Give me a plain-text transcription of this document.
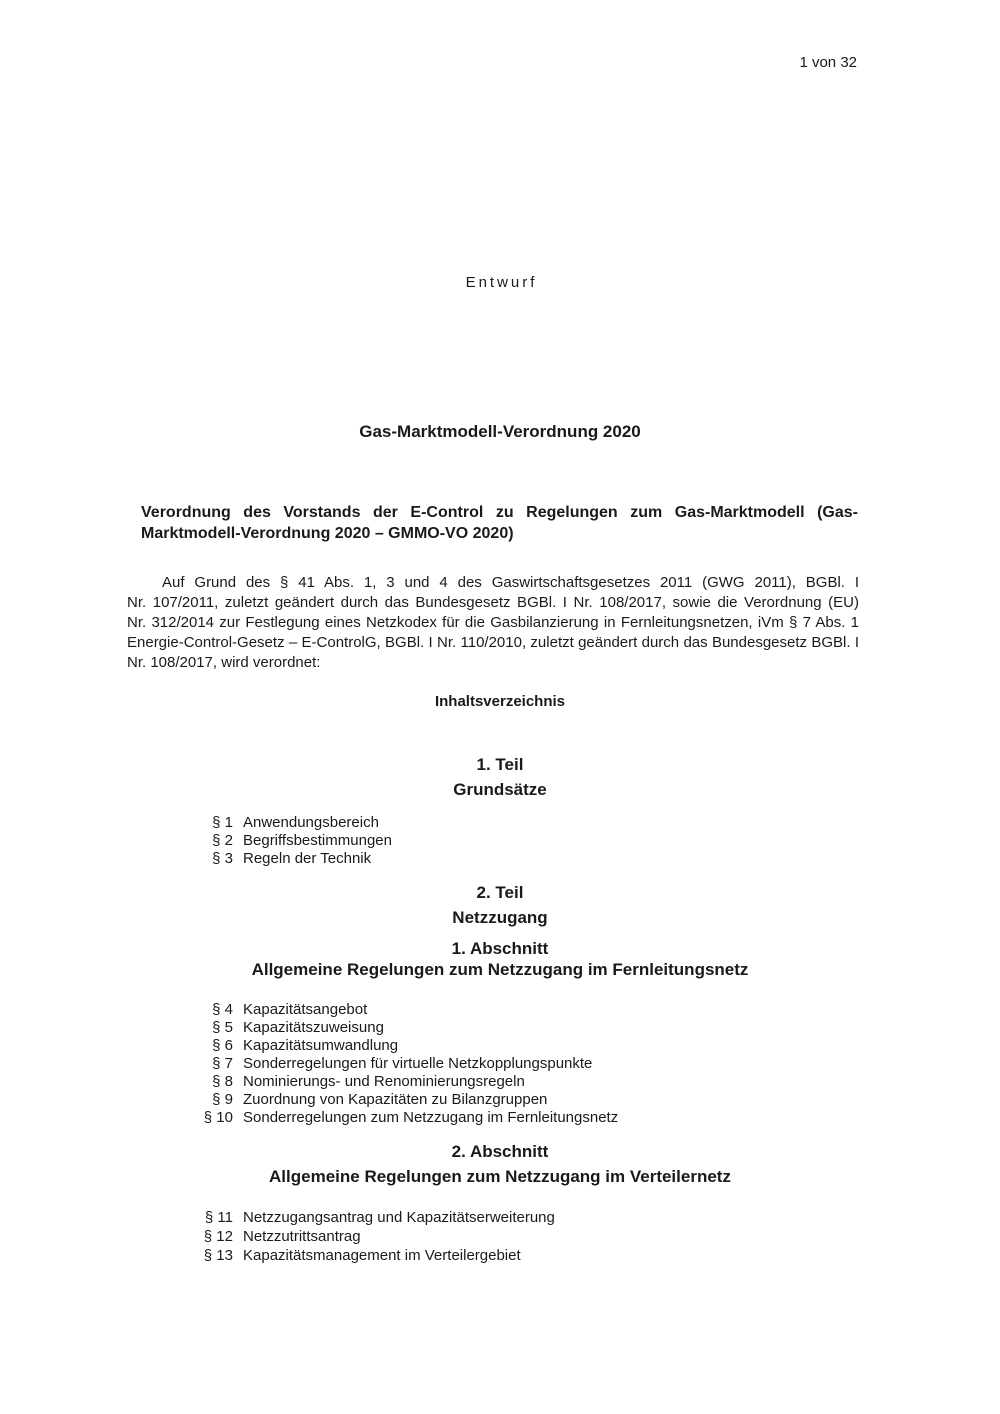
1 von 32
Entwurf
Gas-Marktmodell-Verordnung 2020

Verordnung des Vorstands der E-Control zu Regelungen zum Gas-Marktmodell (Gas-Marktmodell-Verordnung 2020 – GMMO-VO 2020)

Auf Grund des § 41 Abs. 1, 3 und 4 des Gaswirtschaftsgesetzes 2011 (GWG 2011), BGBl. I Nr. 107/2011, zuletzt geändert durch das Bundesgesetz BGBl. I Nr. 108/2017, sowie die Verordnung (EU) Nr. 312/2014 zur Festlegung eines Netzkodex für die Gasbilanzierung in Fernleitungsnetzen, iVm § 7 Abs. 1 Energie-Control-Gesetz – E-ControlG, BGBl. I Nr. 110/2010, zuletzt geändert durch das Bundesgesetz BGBl. I Nr. 108/2017, wird verordnet:

Inhaltsverzeichnis
1. Teil
Grundsätze
§ 1 Anwendungsbereich
§ 2 Begriffsbestimmungen
§ 3 Regeln der Technik
2. Teil
Netzzugang
1. Abschnitt
Allgemeine Regelungen zum Netzzugang im Fernleitungsnetz
§ 4 Kapazitätsangebot
§ 5 Kapazitätszuweisung
§ 6 Kapazitätsumwandlung
§ 7 Sonderregelungen für virtuelle Netzkopplungspunkte
§ 8 Nominierungs- und Renominierungsregeln
§ 9 Zuordnung von Kapazitäten zu Bilanzgruppen
§ 10 Sonderregelungen zum Netzzugang im Fernleitungsnetz
2. Abschnitt
Allgemeine Regelungen zum Netzzugang im Verteilernetz
§ 11 Netzzugangsantrag und Kapazitätserweiterung
§ 12 Netzzutrittsantrag
§ 13 Kapazitätsmanagement im Verteilergebiet
